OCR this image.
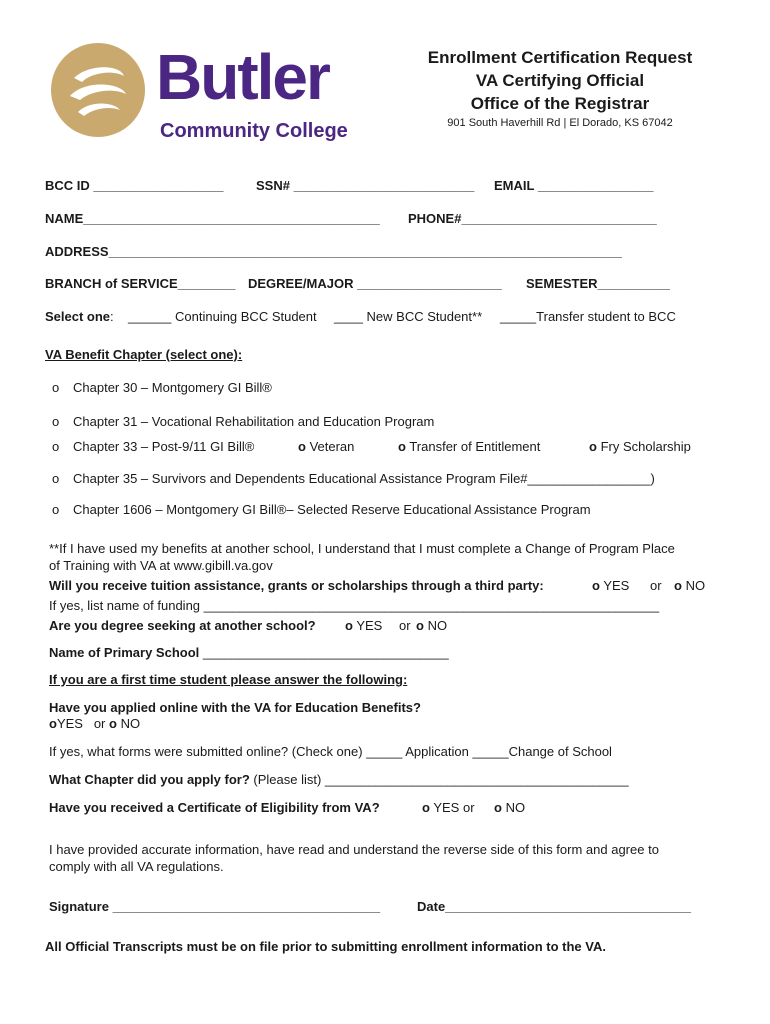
Butler
Community College
Enrollment Certification Request
VA Certifying Official
Office of the Registrar
901 South Haverhill Rd | El Dorado, KS 67042
BCC ID __________________ SSN# _________________________ EMAIL ________________
NAME_________________________________________ PHONE#___________________________
ADDRESS_______________________________________________________________________
BRANCH of SERVICE________ DEGREE/MAJOR ____________________ SEMESTER__________
Select one: ______ Continuing BCC Student ____ New BCC Student** _____Transfer student to BCC
VA Benefit Chapter (select one):
o Chapter 30 – Montgomery GI Bill®
o Chapter 31 – Vocational Rehabilitation and Education Program
o Chapter 33 – Post-9/11 GI Bill®	o Veteran	o Transfer of Entitlement	o Fry Scholarship
o Chapter 35 – Survivors and Dependents Educational Assistance Program File#_________________)
o Chapter 1606 – Montgomery GI Bill®– Selected Reserve Educational Assistance Program
**If I have used my benefits at another school, I understand that I must complete a Change of Program Place
of Training with VA at www.gibill.va.gov
Will you receive tuition assistance, grants or scholarships through a third party:	o YES or o NO
If yes, list name of funding _______________________________________________________________
Are you degree seeking at another school? o YES or o NO
Name of Primary School __________________________________
If you are a first time student please answer the following:
Have you applied online with the VA for Education Benefits?
oYES or o NO
If yes, what forms were submitted online? (Check one) _____ Application _____Change of School
What Chapter did you apply for? (Please list) __________________________________________
Have you received a Certificate of Eligibility from VA?	o YES or o NO
I have provided accurate information, have read and understand the reverse side of this form and agree to
comply with all VA regulations.
Signature _____________________________________	Date__________________________________
All Official Transcripts must be on file prior to submitting enrollment information to the VA.
